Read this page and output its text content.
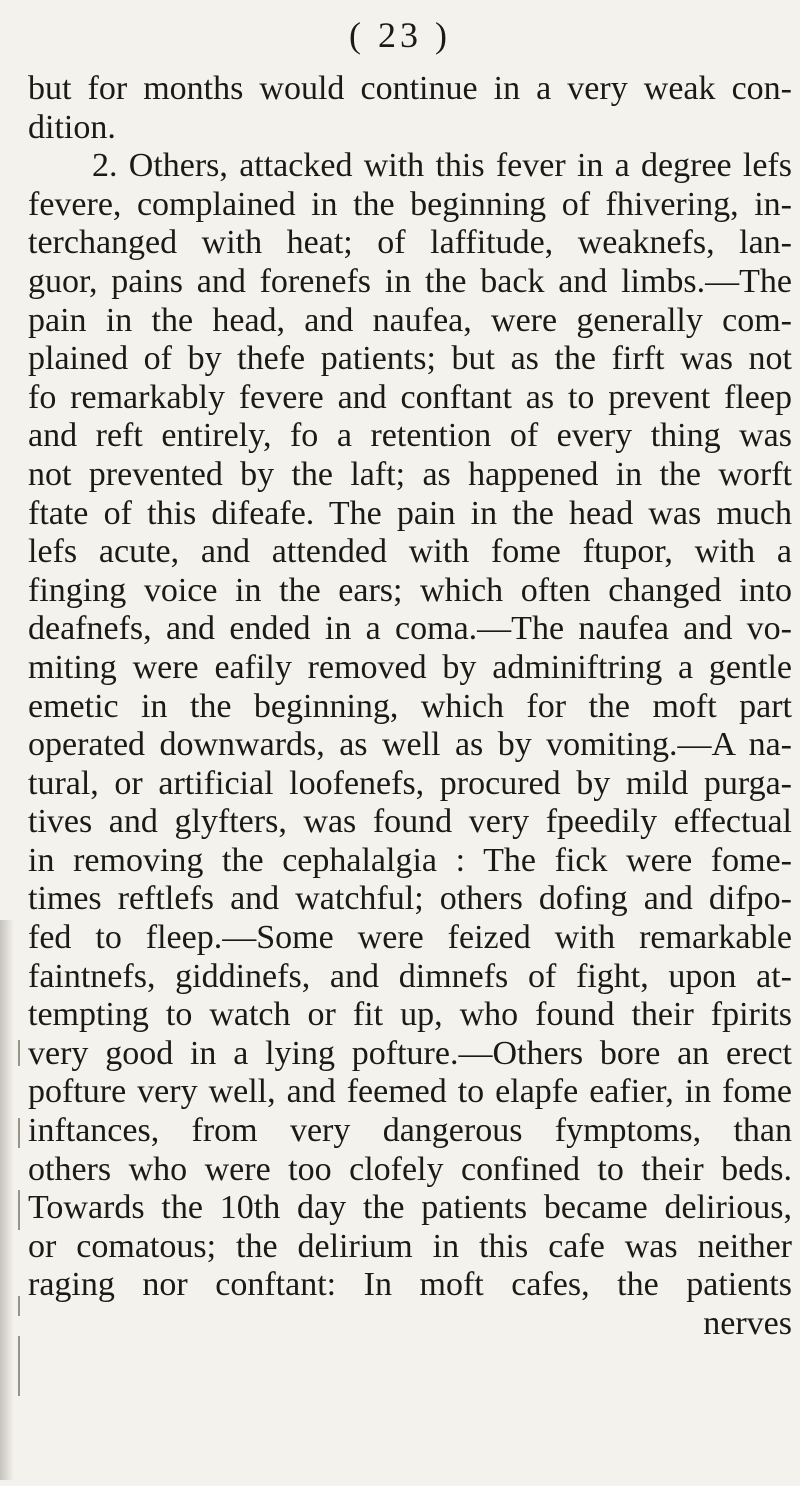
( 23 )
but for months would continue in a very weak con-
dition.
2. Others, attacked with this fever in a degree lefs
fevere, complained in the beginning of fhivering, in-
terchanged with heat; of laffitude, weaknefs, lan-
guor, pains and forenefs in the back and limbs.—The
pain in the head, and naufea, were generally com-
plained of by thefe patients; but as the firft was not
fo remarkably fevere and conftant as to prevent fleep
and reft entirely, fo a retention of every thing was
not prevented by the laft; as happened in the worft
ftate of this difeafe. The pain in the head was much
lefs acute, and attended with fome ftupor, with a
finging voice in the ears; which often changed into
deafnefs, and ended in a coma.—The naufea and vo-
miting were eafily removed by adminiftring a gentle
emetic in the beginning, which for the moft part
operated downwards, as well as by vomiting.—A na-
tural, or artificial loofenefs, procured by mild purga-
tives and glyfters, was found very fpeedily effectual
in removing the cephalalgia : The fick were fome-
times reftlefs and watchful; others dofing and difpo-
fed to fleep.—Some were feized with remarkable
faintnefs, giddinefs, and dimnefs of fight, upon at-
tempting to watch or fit up, who found their fpirits
very good in a lying pofture.—Others bore an erect
pofture very well, and feemed to elapfe eafier, in fome
inftances, from very dangerous fymptoms, than
others who were too clofely confined to their beds.
Towards the 10th day the patients became delirious,
or comatous; the delirium in this cafe was neither
raging nor conftant: In moft cafes, the patients
nerves
